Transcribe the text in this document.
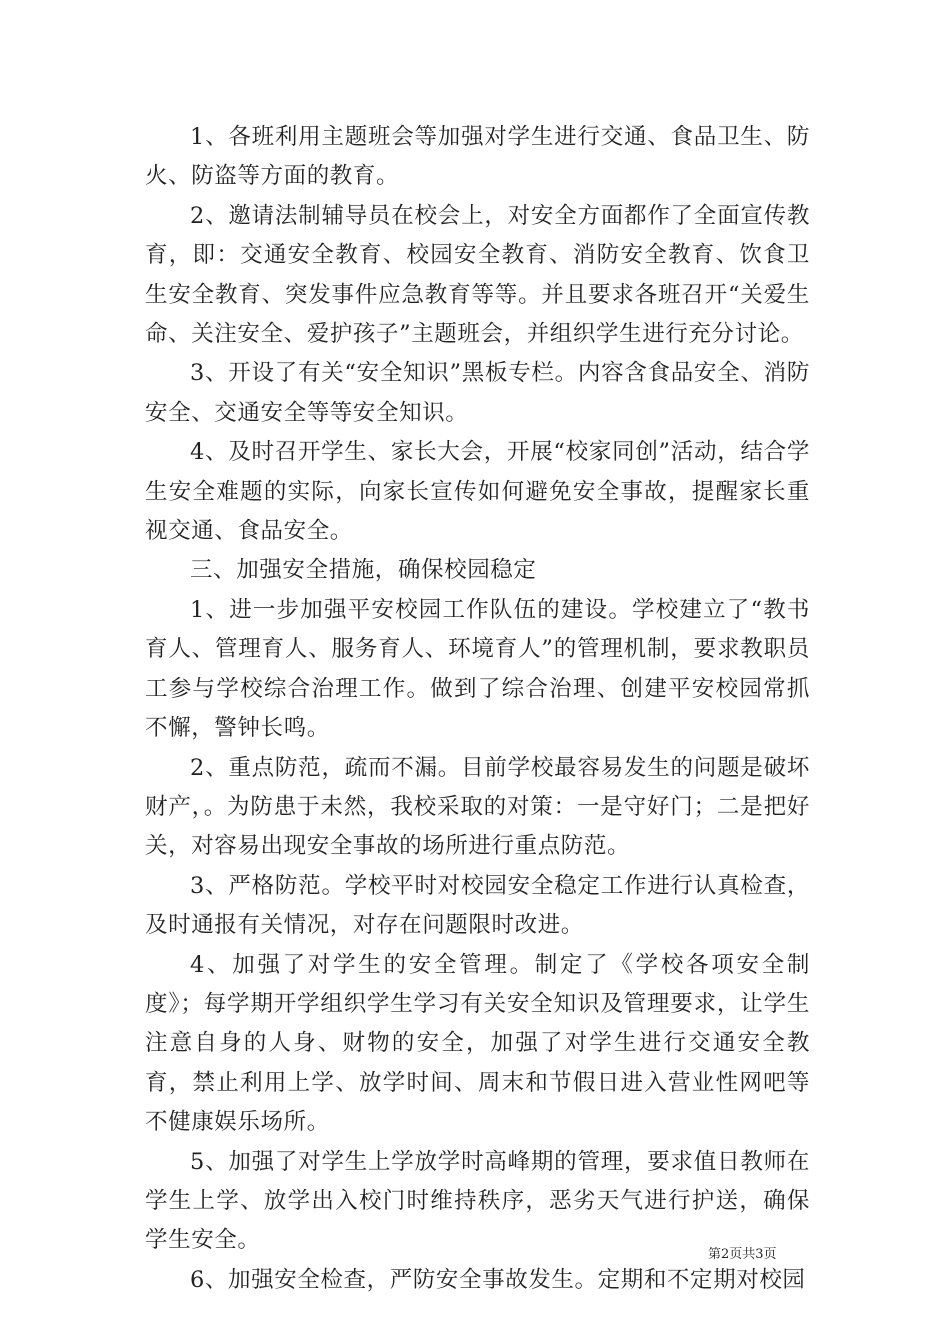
1、各班利用主题班会等加强对学生进行交通、食品卫生、防火、防盗等方面的教育。

2、邀请法制辅导员在校会上，对安全方面都作了全面宣传教育，即：交通安全教育、校园安全教育、消防安全教育、饮食卫生安全教育、突发事件应急教育等等。并且要求各班召开“关爱生命、关注安全、爱护孩子”主题班会，并组织学生进行充分讨论。

3、开设了有关“安全知识”黑板专栏。内容含食品安全、消防安全、交通安全等等安全知识。

4、及时召开学生、家长大会，开展“校家同创”活动，结合学生安全难题的实际，向家长宣传如何避免安全事故，提醒家长重视交通、食品安全。

三、加强安全措施，确保校园稳定

1、进一步加强平安校园工作队伍的建设。学校建立了“教书育人、管理育人、服务育人、环境育人”的管理机制，要求教职员工参与学校综合治理工作。做到了综合治理、创建平安校园常抓不懈，警钟长鸣。

2、重点防范，疏而不漏。目前学校最容易发生的问题是破坏财产，。为防患于未然，我校采取的对策：一是守好门；二是把好关，对容易出现安全事故的场所进行重点防范。

3、严格防范。学校平时对校园安全稳定工作进行认真检查，及时通报有关情况，对存在问题限时改进。

4、加强了对学生的安全管理。制定了《学校各项安全制度》；每学期开学组织学生学习有关安全知识及管理要求，让学生注意自身的人身、财物的安全，加强了对学生进行交通安全教育，禁止利用上学、放学时间、周末和节假日进入营业性网吧等不健康娱乐场所。

5、加强了对学生上学放学时高峰期的管理，要求值日教师在学生上学、放学出入校门时维持秩序，恶劣天气进行护送，确保学生安全。

6、加强安全检查，严防安全事故发生。定期和不定期对校园

第2页共3页
